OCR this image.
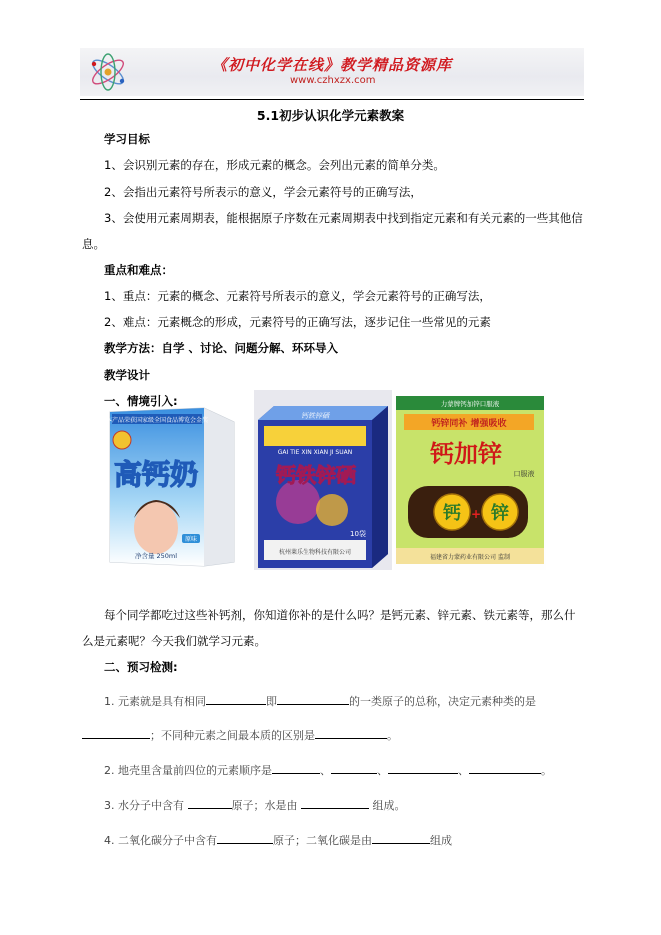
《初中化学在线》教学精品资源库
www.czhxzx.com
5.1初步认识化学元素教案
学习目标
1、会识别元素的存在，形成元素的概念。会列出元素的简单分类。
2、会指出元素符号所表示的意义，学会元素符号的正确写法，
3、会使用元素周期表，能根据原子序数在元素周期表中找到指定元素和有关元素的一些其他信
息。
重点和难点：
1、重点：元素的概念、元素符号所表示的意义，学会元素符号的正确写法，
2、难点：元素概念的形成，元素符号的正确写法，逐步记住一些常见的元素
教学方法：自学 、讨论、问题分解、环环导入
教学设计
一、情境引入:
本产品荣获国家级全国食品博览会金奖
高钙奶
原味
净含量 250ml
钙铁锌硒
GAI TIE XIN XIAN JI SUAN
钙铁锌硒
杭州莱乐生物科技有限公司
10袋
力蒙牌钙加锌口服液
钙锌同补 增强吸收
钙加锌
口服液
钙 锌
+
福建省力蒙药业有限公司 监制
每个同学都吃过这些补钙剂，你知道你补的是什么吗？是钙元素、锌元素、铁元素等，那么什
么是元素呢？今天我们就学习元素。
二、预习检测:
1. 元素就是具有相同	即	的一类原子的总称，决定元素种类的是
；不同种元素之间最本质的区别是	。
2. 地壳里含量前四位的元素顺序是	、	、	、	。
3. 水分子中含有	原子；水是由	组成。
4. 二氧化碳分子中含有	原子；二氧化碳是由	组成
